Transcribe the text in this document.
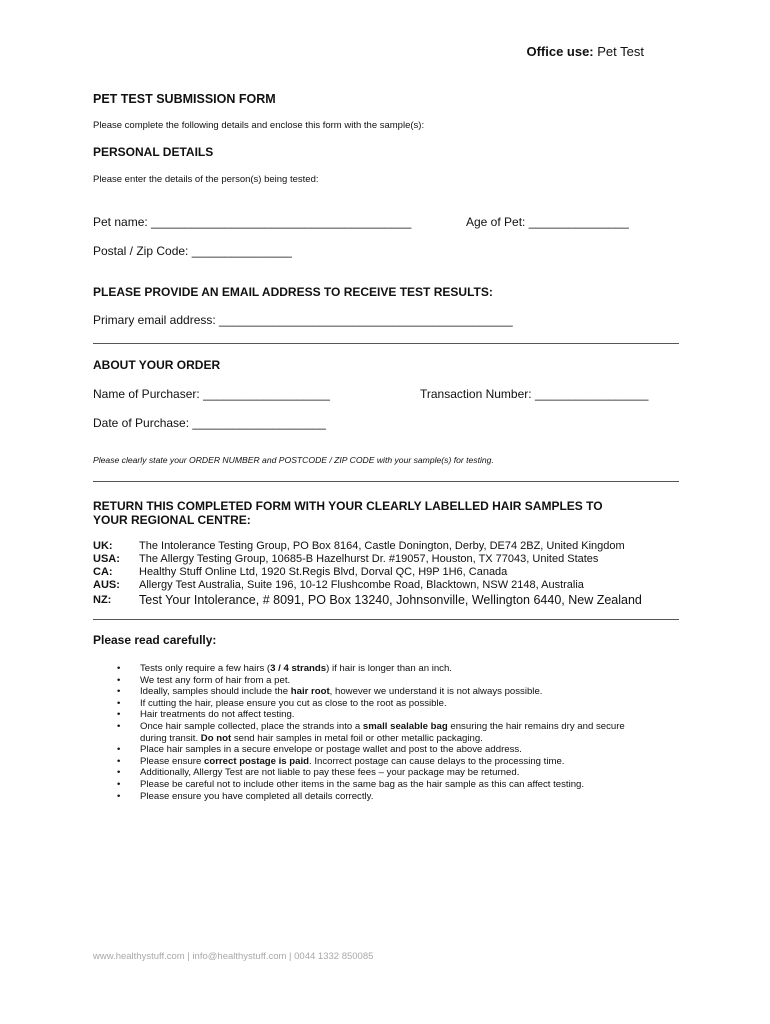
Office use: Pet Test
PET TEST SUBMISSION FORM
Please complete the following details and enclose this form with the sample(s):
PERSONAL DETAILS
Please enter the details of the person(s) being tested:
Pet name: _______________________________________	Age of Pet: _______________
Postal / Zip Code: _______________
PLEASE PROVIDE AN EMAIL ADDRESS TO RECEIVE TEST RESULTS:
Primary email address: ____________________________________________
ABOUT YOUR ORDER
Name of Purchaser: ___________________	Transaction Number: _________________
Date of Purchase: ____________________
Please clearly state your ORDER NUMBER and POSTCODE / ZIP CODE with your sample(s) for testing.
RETURN THIS COMPLETED FORM WITH YOUR CLEARLY LABELLED HAIR SAMPLES TO
YOUR REGIONAL CENTRE:
UK:	The Intolerance Testing Group, PO Box 8164, Castle Donington, Derby, DE74 2BZ, United Kingdom
USA:	The Allergy Testing Group, 10685-B Hazelhurst Dr. #19057, Houston, TX 77043, United States
CA:	Healthy Stuff Online Ltd, 1920 St.Regis Blvd, Dorval QC, H9P 1H6, Canada
AUS:	Allergy Test Australia, Suite 196, 10-12 Flushcombe Road, Blacktown, NSW 2148, Australia
NZ:	Test Your Intolerance, # 8091, PO Box 13240, Johnsonville, Wellington 6440, New Zealand
Please read carefully:
• Tests only require a few hairs (3 / 4 strands) if hair is longer than an inch.
• We test any form of hair from a pet.
• Ideally, samples should include the hair root, however we understand it is not always possible.
• If cutting the hair, please ensure you cut as close to the root as possible.
• Hair treatments do not affect testing.
• Once hair sample collected, place the strands into a small sealable bag ensuring the hair remains dry and secure during transit. Do not send hair samples in metal foil or other metallic packaging.
• Place hair samples in a secure envelope or postage wallet and post to the above address.
• Please ensure correct postage is paid. Incorrect postage can cause delays to the processing time.
• Additionally, Allergy Test are not liable to pay these fees – your package may be returned.
• Please be careful not to include other items in the same bag as the hair sample as this can affect testing.
• Please ensure you have completed all details correctly.
www.healthystuff.com | info@healthystuff.com | 0044 1332 850085
